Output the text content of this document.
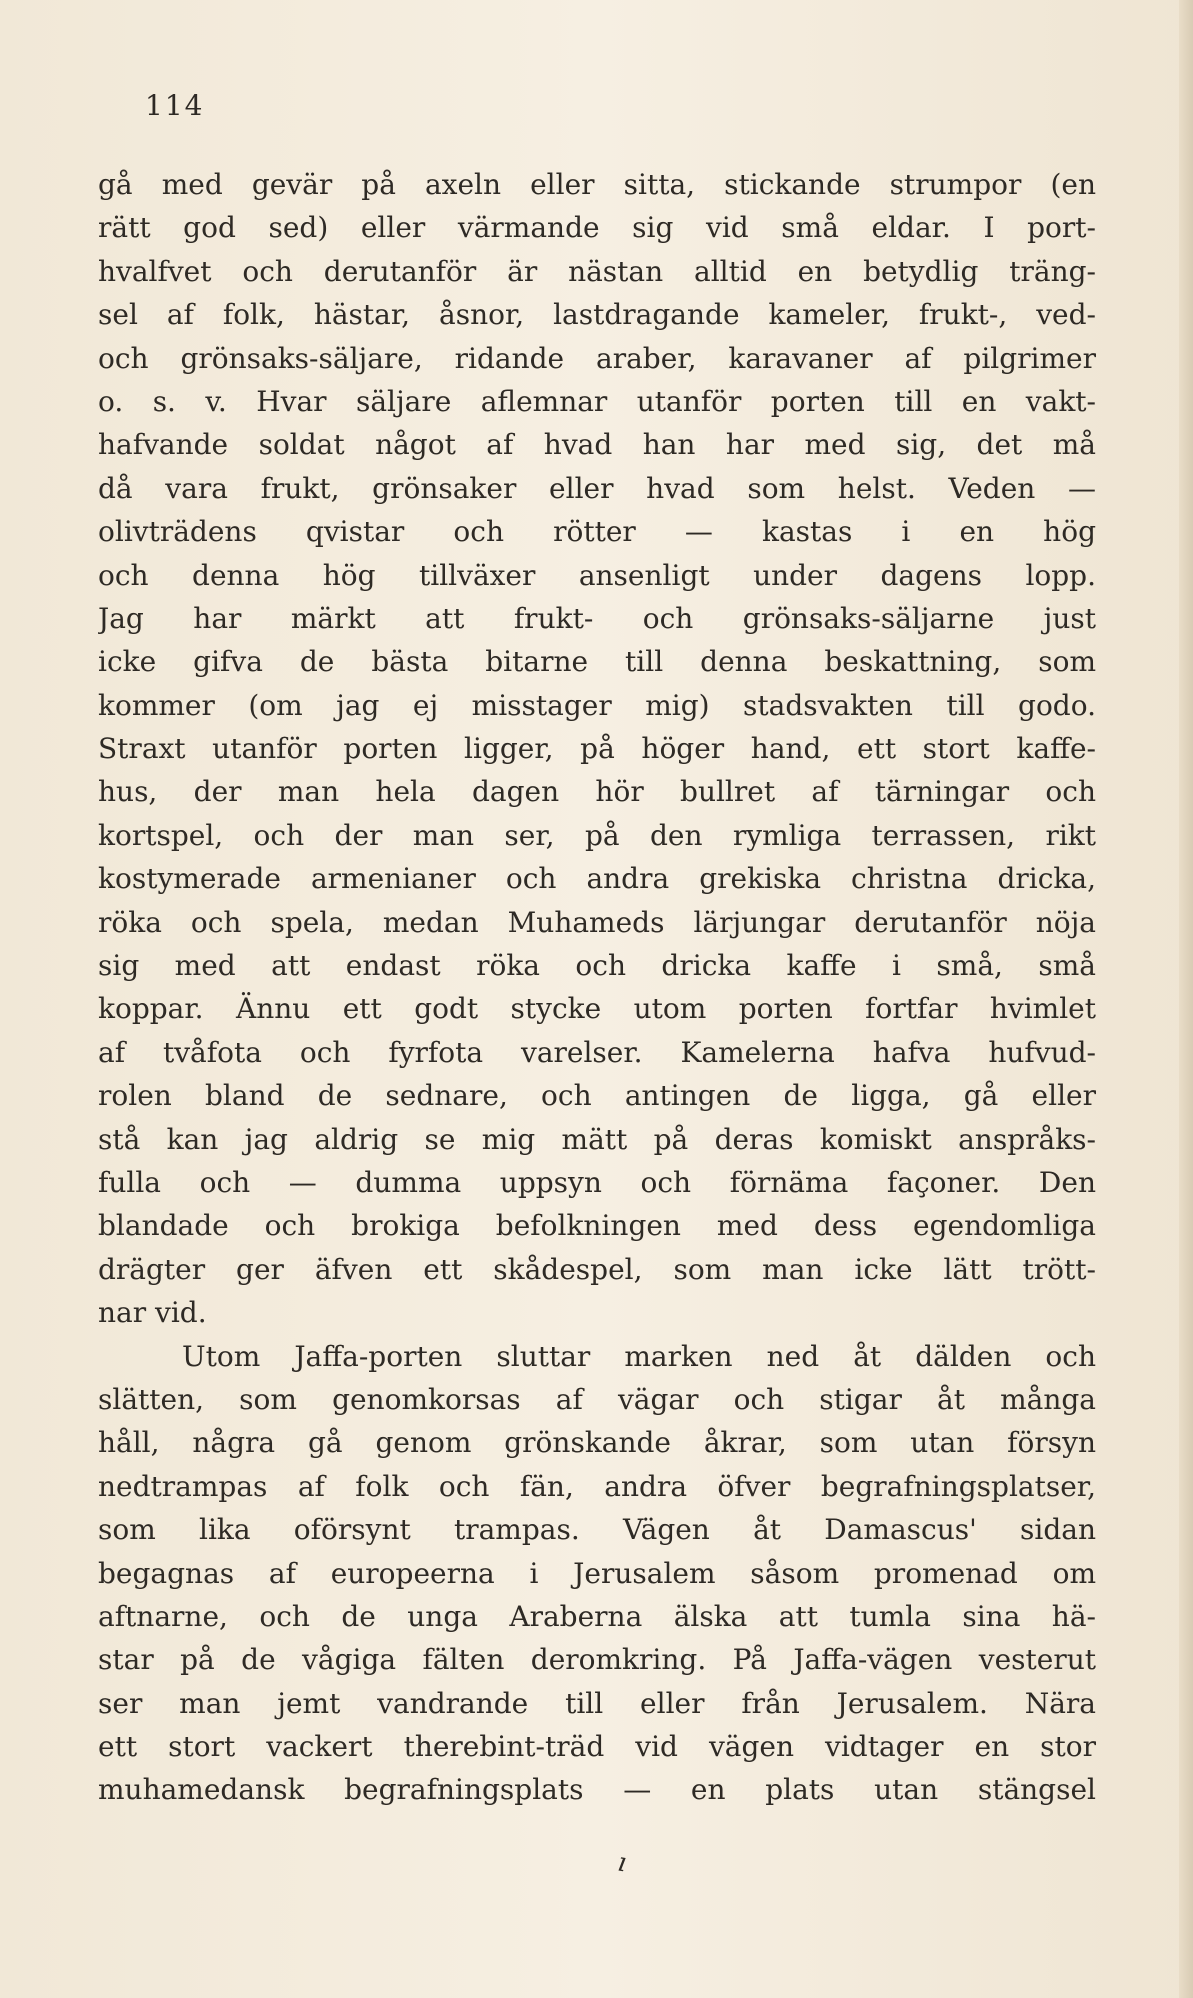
114
gå med gevär på axeln eller sitta, stickande strumpor (en
rätt god sed) eller värmande sig vid små eldar. I port-
hvalfvet och derutanför är nästan alltid en betydlig träng-
sel af folk, hästar, åsnor, lastdragande kameler, frukt-, ved-
och grönsaks-säljare, ridande araber, karavaner af pilgrimer
o. s. v. Hvar säljare aflemnar utanför porten till en vakt-
hafvande soldat något af hvad han har med sig, det må
då vara frukt, grönsaker eller hvad som helst. Veden —
olivträdens qvistar och rötter — kastas i en hög
och denna hög tillväxer ansenligt under dagens lopp.
Jag har märkt att frukt- och grönsaks-säljarne just
icke gifva de bästa bitarne till denna beskattning, som
kommer (om jag ej misstager mig) stadsvakten till godo.
Straxt utanför porten ligger, på höger hand, ett stort kaffe-
hus, der man hela dagen hör bullret af tärningar och
kortspel, och der man ser, på den rymliga terrassen, rikt
kostymerade armenianer och andra grekiska christna dricka,
röka och spela, medan Muhameds lärjungar derutanför nöja
sig med att endast röka och dricka kaffe i små, små
koppar. Ännu ett godt stycke utom porten fortfar hvimlet
af tvåfota och fyrfota varelser. Kamelerna hafva hufvud-
rolen bland de sednare, och antingen de ligga, gå eller
stå kan jag aldrig se mig mätt på deras komiskt anspråks-
fulla och — dumma uppsyn och förnäma façoner. Den
blandade och brokiga befolkningen med dess egendomliga
drägter ger äfven ett skådespel, som man icke lätt trött-
nar vid.
Utom Jaffa-porten sluttar marken ned åt dälden och
slätten, som genomkorsas af vägar och stigar åt många
håll, några gå genom grönskande åkrar, som utan försyn
nedtrampas af folk och fän, andra öfver begrafningsplatser,
som lika oförsynt trampas. Vägen åt Damascus' sidan
begagnas af europeerna i Jerusalem såsom promenad om
aftnarne, och de unga Araberna älska att tumla sina hä-
star på de vågiga fälten deromkring. På Jaffa-vägen vesterut
ser man jemt vandrande till eller från Jerusalem. Nära
ett stort vackert therebint-träd vid vägen vidtager en stor
muhamedansk begrafningsplats — en plats utan stängsel
ı
